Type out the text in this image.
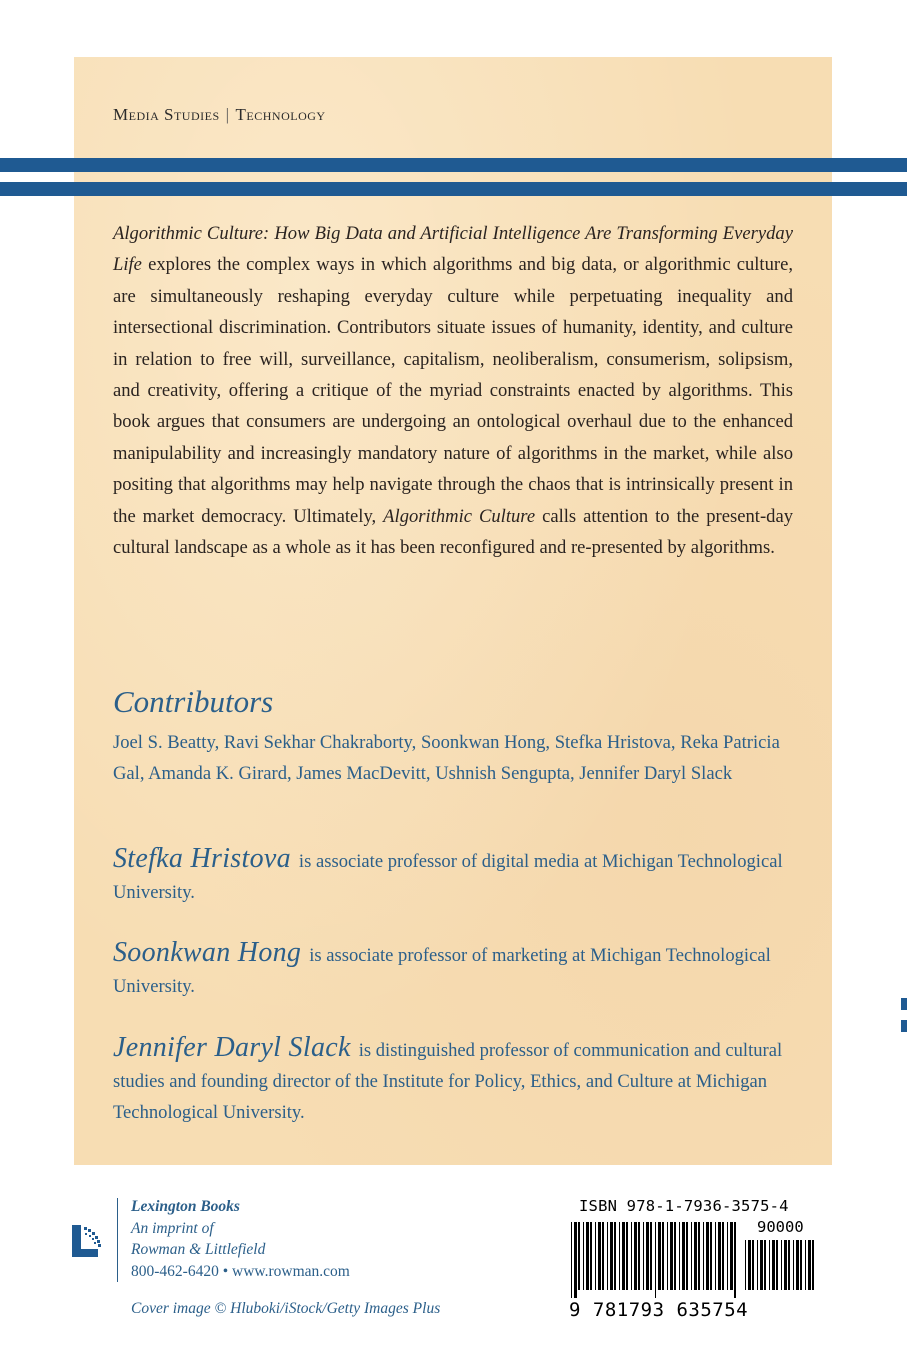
Media Studies | Technology
Algorithmic Culture: How Big Data and Artificial Intelligence Are Transforming Everyday Life explores the complex ways in which algorithms and big data, or algorithmic culture, are simultaneously reshaping everyday culture while perpetuating inequality and intersectional discrimination. Contributors situate issues of humanity, identity, and culture in relation to free will, surveillance, capitalism, neoliberalism, consumerism, solipsism, and creativity, offering a critique of the myriad constraints enacted by algorithms. This book argues that consumers are undergoing an ontological overhaul due to the enhanced manipulability and increasingly mandatory nature of algorithms in the market, while also positing that algorithms may help navigate through the chaos that is intrinsically present in the market democracy. Ultimately, Algorithmic Culture calls attention to the present-day cultural landscape as a whole as it has been reconfigured and re-presented by algorithms.
Contributors
Joel S. Beatty, Ravi Sekhar Chakraborty, Soonkwan Hong, Stefka Hristova, Reka Patricia Gal, Amanda K. Girard, James MacDevitt, Ushnish Sengupta, Jennifer Daryl Slack
Stefka Hristova is associate professor of digital media at Michigan Technological University.
Soonkwan Hong is associate professor of marketing at Michigan Technological University.
Jennifer Daryl Slack is distinguished professor of communication and cultural studies and founding director of the Institute for Policy, Ethics, and Culture at Michigan Technological University.
Lexington Books
An imprint of
Rowman & Littlefield
800-462-6420 • www.rowman.com
Cover image © Hluboki/iStock/Getty Images Plus
ISBN 978-1-7936-3575-4
90000
9 781793 635754
